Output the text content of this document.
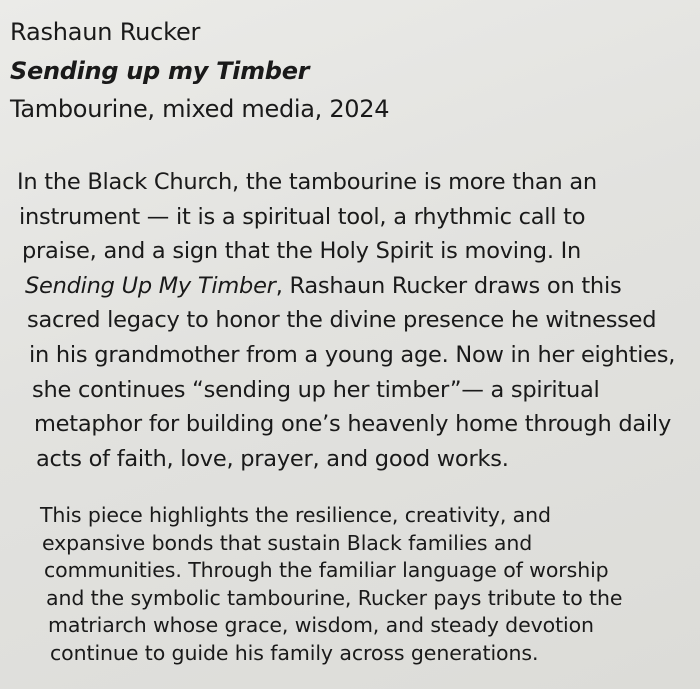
Rashaun Rucker
Sending up my Timber
Tambourine, mixed media, 2024
In the Black Church, the tambourine is more than an
instrument — it is a spiritual tool, a rhythmic call to
praise, and a sign that the Holy Spirit is moving. In
Sending Up My Timber, Rashaun Rucker draws on this
sacred legacy to honor the divine presence he witnessed
in his grandmother from a young age. Now in her eighties,
she continues “sending up her timber”— a spiritual
metaphor for building one’s heavenly home through daily
acts of faith, love, prayer, and good works.
This piece highlights the resilience, creativity, and
expansive bonds that sustain Black families and
communities. Through the familiar language of worship
and the symbolic tambourine, Rucker pays tribute to the
matriarch whose grace, wisdom, and steady devotion
continue to guide his family across generations.
